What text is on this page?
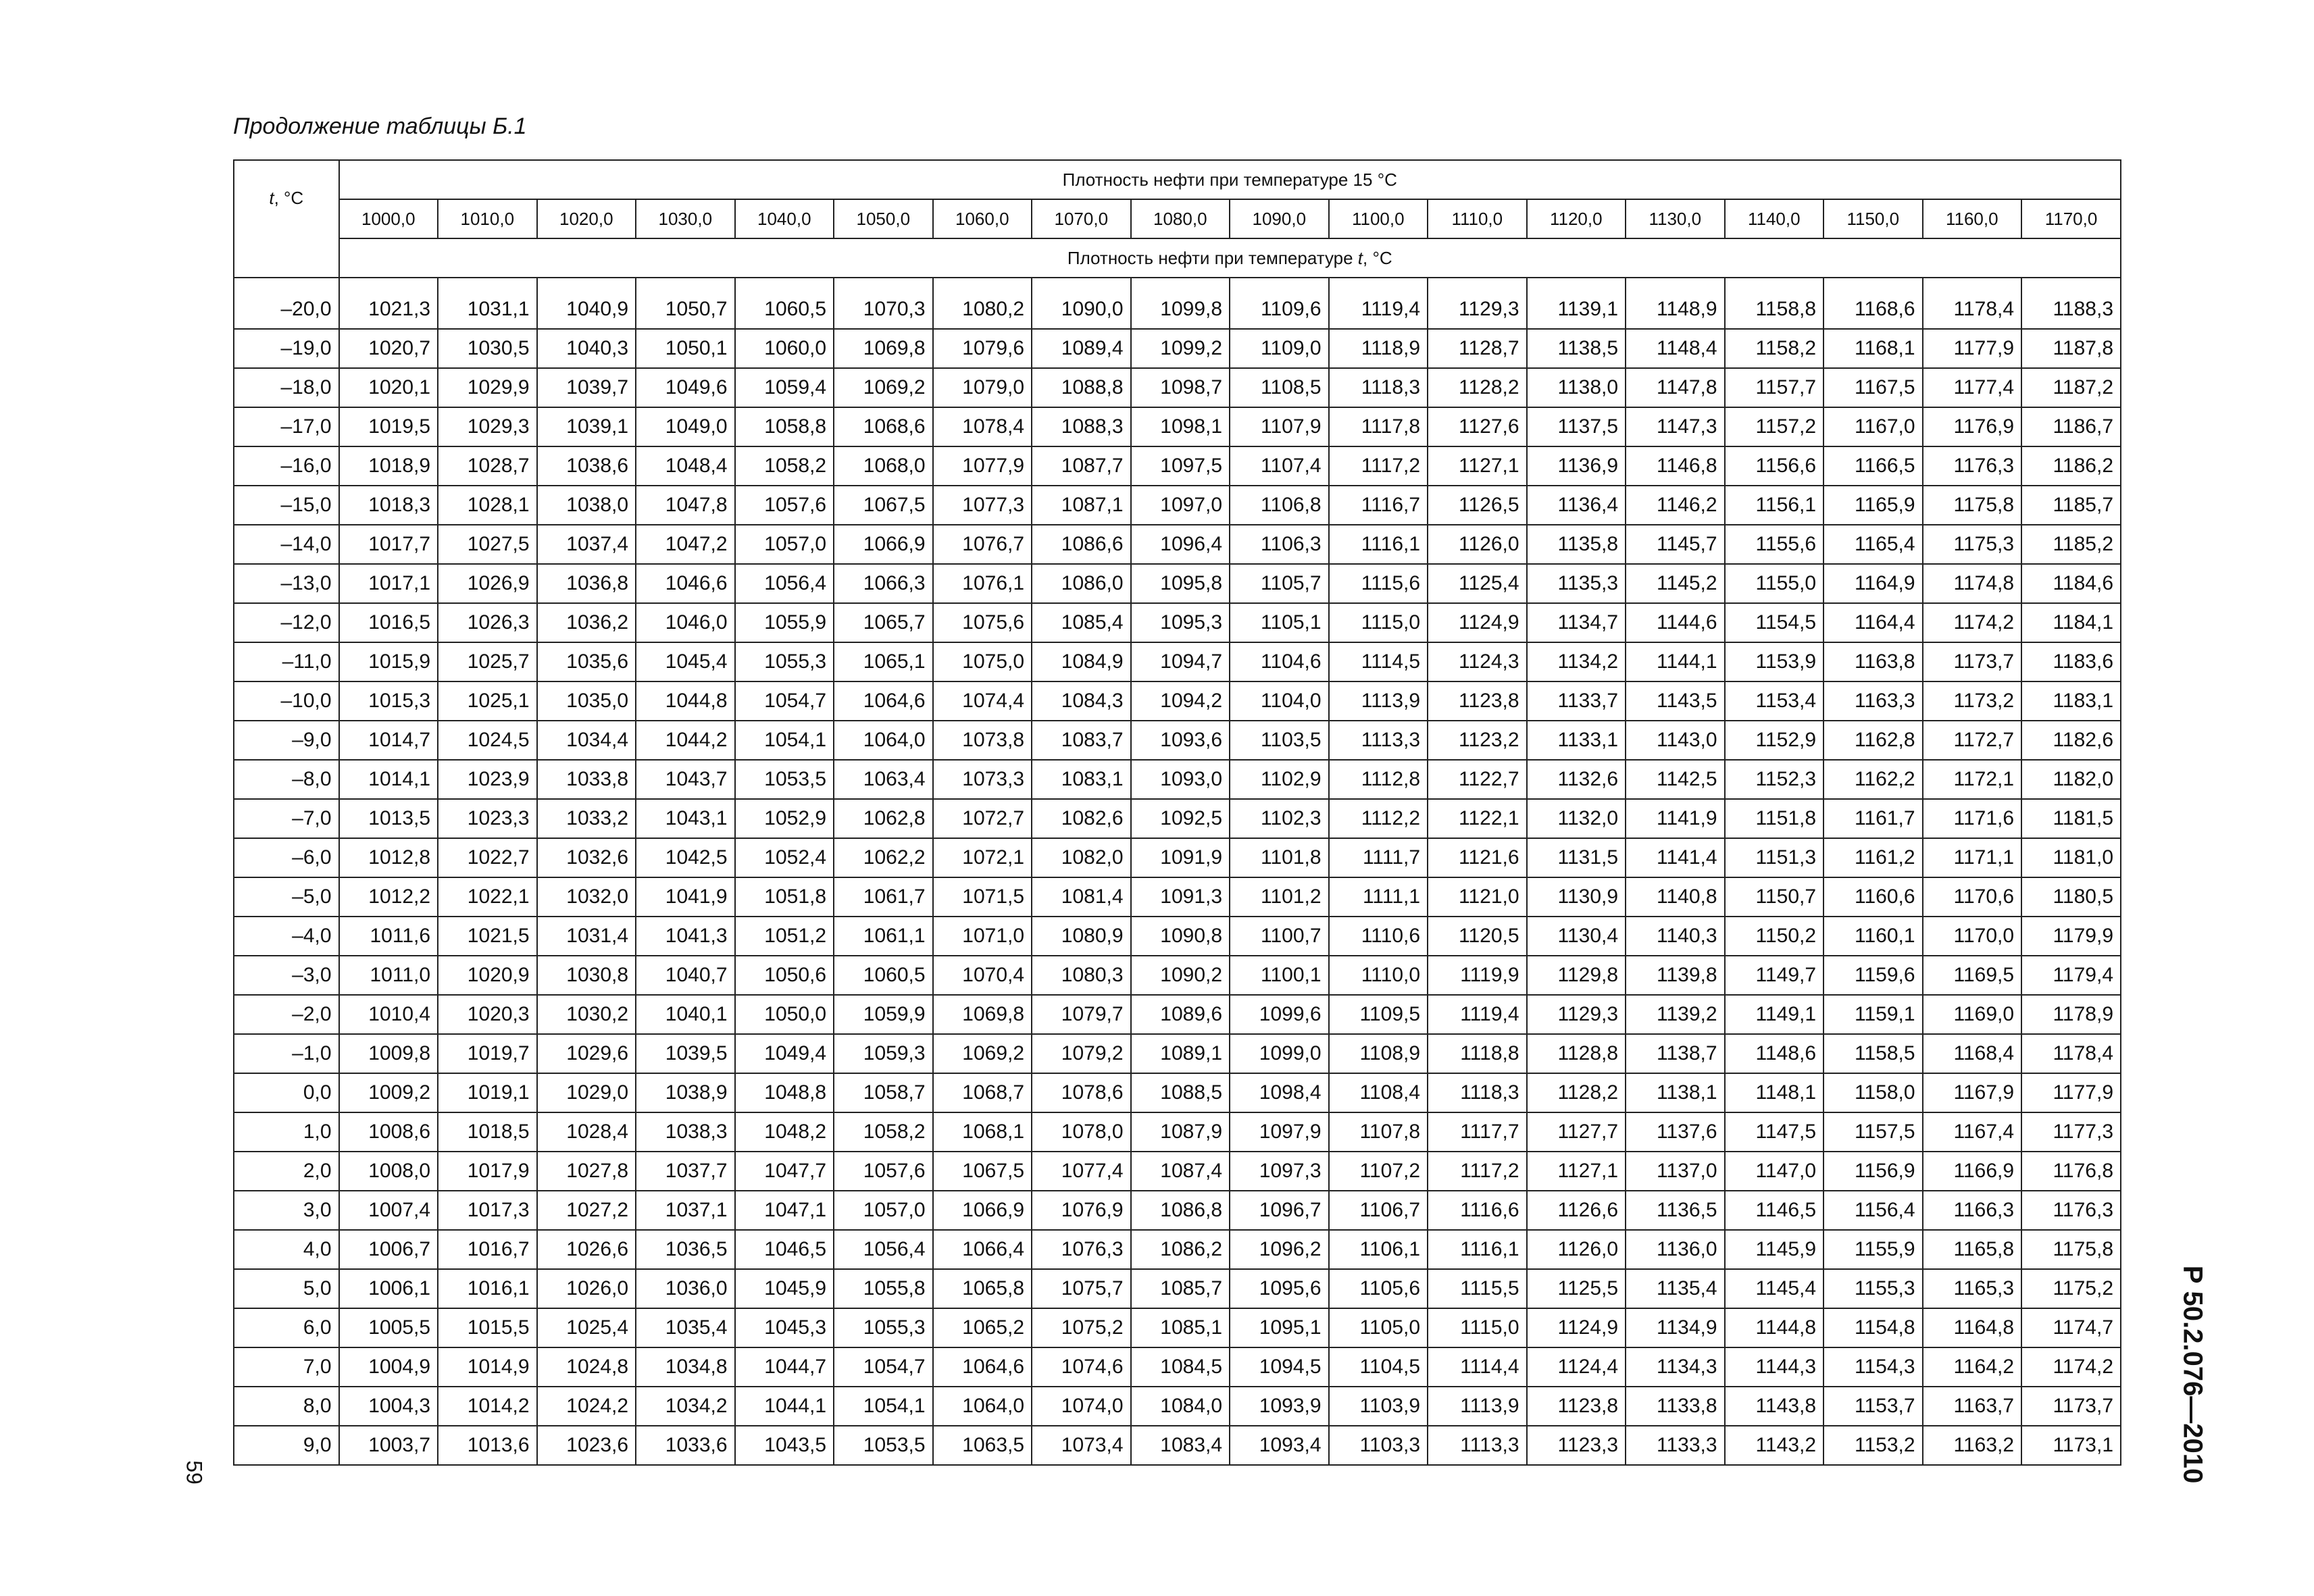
Продолжение таблицы Б.1
t, °C	Плотность нефти при температуре 15 °C																	
	1000,0	1010,0	1020,0	1030,0	1040,0	1050,0	1060,0	1070,0	1080,0	1090,0	1100,0	1110,0	1120,0	1130,0	1140,0	1150,0	1160,0	1170,0
	Плотность нефти при температуре t, °C																	

–20,0	1021,3	1031,1	1040,9	1050,7	1060,5	1070,3	1080,2	1090,0	1099,8	1109,6	1119,4	1129,3	1139,1	1148,9	1158,8	1168,6	1178,4	1188,3
–19,0	1020,7	1030,5	1040,3	1050,1	1060,0	1069,8	1079,6	1089,4	1099,2	1109,0	1118,9	1128,7	1138,5	1148,4	1158,2	1168,1	1177,9	1187,8
–18,0	1020,1	1029,9	1039,7	1049,6	1059,4	1069,2	1079,0	1088,8	1098,7	1108,5	1118,3	1128,2	1138,0	1147,8	1157,7	1167,5	1177,4	1187,2
–17,0	1019,5	1029,3	1039,1	1049,0	1058,8	1068,6	1078,4	1088,3	1098,1	1107,9	1117,8	1127,6	1137,5	1147,3	1157,2	1167,0	1176,9	1186,7
–16,0	1018,9	1028,7	1038,6	1048,4	1058,2	1068,0	1077,9	1087,7	1097,5	1107,4	1117,2	1127,1	1136,9	1146,8	1156,6	1166,5	1176,3	1186,2
–15,0	1018,3	1028,1	1038,0	1047,8	1057,6	1067,5	1077,3	1087,1	1097,0	1106,8	1116,7	1126,5	1136,4	1146,2	1156,1	1165,9	1175,8	1185,7
–14,0	1017,7	1027,5	1037,4	1047,2	1057,0	1066,9	1076,7	1086,6	1096,4	1106,3	1116,1	1126,0	1135,8	1145,7	1155,6	1165,4	1175,3	1185,2
–13,0	1017,1	1026,9	1036,8	1046,6	1056,4	1066,3	1076,1	1086,0	1095,8	1105,7	1115,6	1125,4	1135,3	1145,2	1155,0	1164,9	1174,8	1184,6
–12,0	1016,5	1026,3	1036,2	1046,0	1055,9	1065,7	1075,6	1085,4	1095,3	1105,1	1115,0	1124,9	1134,7	1144,6	1154,5	1164,4	1174,2	1184,1
–11,0	1015,9	1025,7	1035,6	1045,4	1055,3	1065,1	1075,0	1084,9	1094,7	1104,6	1114,5	1124,3	1134,2	1144,1	1153,9	1163,8	1173,7	1183,6
–10,0	1015,3	1025,1	1035,0	1044,8	1054,7	1064,6	1074,4	1084,3	1094,2	1104,0	1113,9	1123,8	1133,7	1143,5	1153,4	1163,3	1173,2	1183,1
–9,0	1014,7	1024,5	1034,4	1044,2	1054,1	1064,0	1073,8	1083,7	1093,6	1103,5	1113,3	1123,2	1133,1	1143,0	1152,9	1162,8	1172,7	1182,6
–8,0	1014,1	1023,9	1033,8	1043,7	1053,5	1063,4	1073,3	1083,1	1093,0	1102,9	1112,8	1122,7	1132,6	1142,5	1152,3	1162,2	1172,1	1182,0
–7,0	1013,5	1023,3	1033,2	1043,1	1052,9	1062,8	1072,7	1082,6	1092,5	1102,3	1112,2	1122,1	1132,0	1141,9	1151,8	1161,7	1171,6	1181,5
–6,0	1012,8	1022,7	1032,6	1042,5	1052,4	1062,2	1072,1	1082,0	1091,9	1101,8	1111,7	1121,6	1131,5	1141,4	1151,3	1161,2	1171,1	1181,0
–5,0	1012,2	1022,1	1032,0	1041,9	1051,8	1061,7	1071,5	1081,4	1091,3	1101,2	1111,1	1121,0	1130,9	1140,8	1150,7	1160,6	1170,6	1180,5
–4,0	1011,6	1021,5	1031,4	1041,3	1051,2	1061,1	1071,0	1080,9	1090,8	1100,7	1110,6	1120,5	1130,4	1140,3	1150,2	1160,1	1170,0	1179,9
–3,0	1011,0	1020,9	1030,8	1040,7	1050,6	1060,5	1070,4	1080,3	1090,2	1100,1	1110,0	1119,9	1129,8	1139,8	1149,7	1159,6	1169,5	1179,4
–2,0	1010,4	1020,3	1030,2	1040,1	1050,0	1059,9	1069,8	1079,7	1089,6	1099,6	1109,5	1119,4	1129,3	1139,2	1149,1	1159,1	1169,0	1178,9
–1,0	1009,8	1019,7	1029,6	1039,5	1049,4	1059,3	1069,2	1079,2	1089,1	1099,0	1108,9	1118,8	1128,8	1138,7	1148,6	1158,5	1168,4	1178,4
0,0	1009,2	1019,1	1029,0	1038,9	1048,8	1058,7	1068,7	1078,6	1088,5	1098,4	1108,4	1118,3	1128,2	1138,1	1148,1	1158,0	1167,9	1177,9
1,0	1008,6	1018,5	1028,4	1038,3	1048,2	1058,2	1068,1	1078,0	1087,9	1097,9	1107,8	1117,7	1127,7	1137,6	1147,5	1157,5	1167,4	1177,3
2,0	1008,0	1017,9	1027,8	1037,7	1047,7	1057,6	1067,5	1077,4	1087,4	1097,3	1107,2	1117,2	1127,1	1137,0	1147,0	1156,9	1166,9	1176,8
3,0	1007,4	1017,3	1027,2	1037,1	1047,1	1057,0	1066,9	1076,9	1086,8	1096,7	1106,7	1116,6	1126,6	1136,5	1146,5	1156,4	1166,3	1176,3
4,0	1006,7	1016,7	1026,6	1036,5	1046,5	1056,4	1066,4	1076,3	1086,2	1096,2	1106,1	1116,1	1126,0	1136,0	1145,9	1155,9	1165,8	1175,8
5,0	1006,1	1016,1	1026,0	1036,0	1045,9	1055,8	1065,8	1075,7	1085,7	1095,6	1105,6	1115,5	1125,5	1135,4	1145,4	1155,3	1165,3	1175,2
6,0	1005,5	1015,5	1025,4	1035,4	1045,3	1055,3	1065,2	1075,2	1085,1	1095,1	1105,0	1115,0	1124,9	1134,9	1144,8	1154,8	1164,8	1174,7
7,0	1004,9	1014,9	1024,8	1034,8	1044,7	1054,7	1064,6	1074,6	1084,5	1094,5	1104,5	1114,4	1124,4	1134,3	1144,3	1154,3	1164,2	1174,2
8,0	1004,3	1014,2	1024,2	1034,2	1044,1	1054,1	1064,0	1074,0	1084,0	1093,9	1103,9	1113,9	1123,8	1133,8	1143,8	1153,7	1163,7	1173,7
9,0	1003,7	1013,6	1023,6	1033,6	1043,5	1053,5	1063,5	1073,4	1083,4	1093,4	1103,3	1113,3	1123,3	1133,3	1143,2	1153,2	1163,2	1173,1 Р 50.2.076—2010
59
